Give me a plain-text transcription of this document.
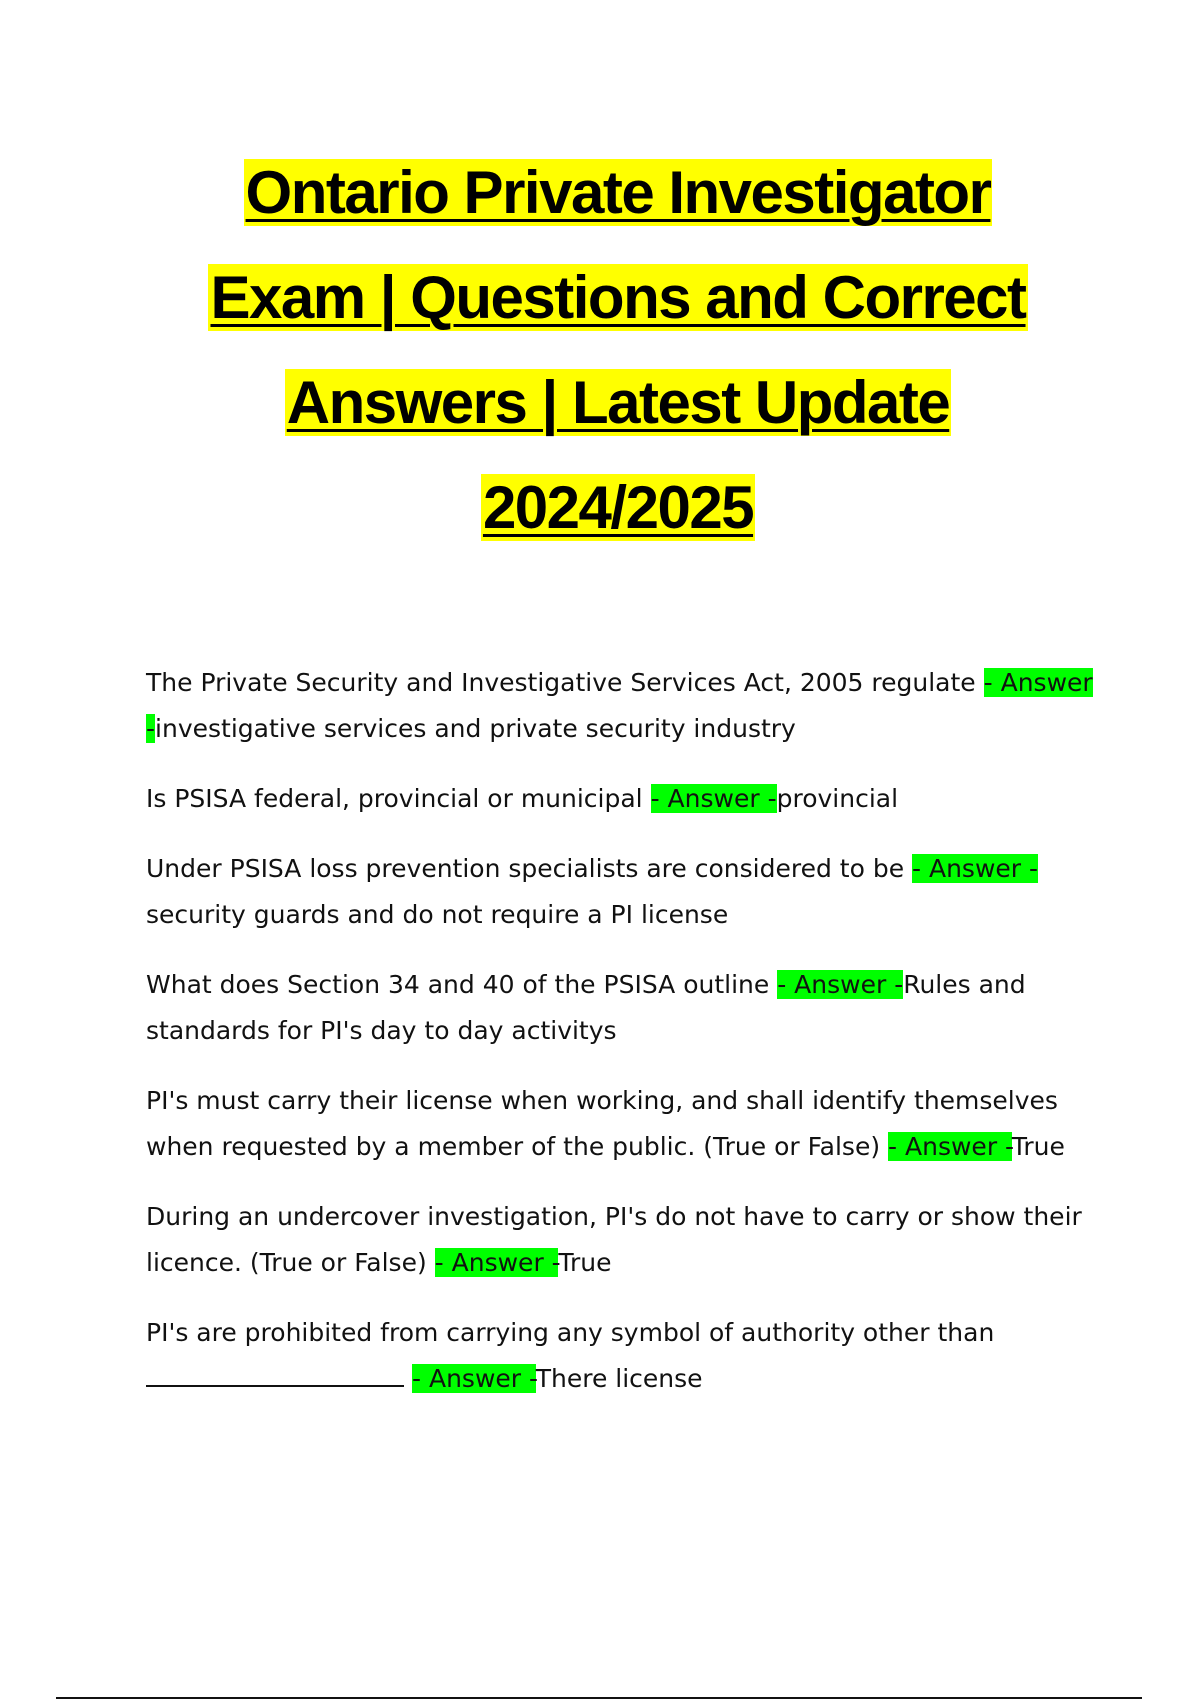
Ontario Private Investigator
Exam | Questions and Correct
Answers | Latest Update
2024/2025

The Private Security and Investigative Services Act, 2005 regulate - Answer -investigative services and private security industry

Is PSISA federal, provincial or municipal - Answer -provincial

Under PSISA loss prevention specialists are considered to be - Answer -
security guards and do not require a PI license

What does Section 34 and 40 of the PSISA outline - Answer -Rules and standards for PI's day to day activitys

PI's must carry their license when working, and shall identify themselves when requested by a member of the public. (True or False) - Answer -True

During an undercover investigation, PI's do not have to carry or show their licence. (True or False) - Answer -True

PI's are prohibited from carrying any symbol of authority other than
- Answer -There license
